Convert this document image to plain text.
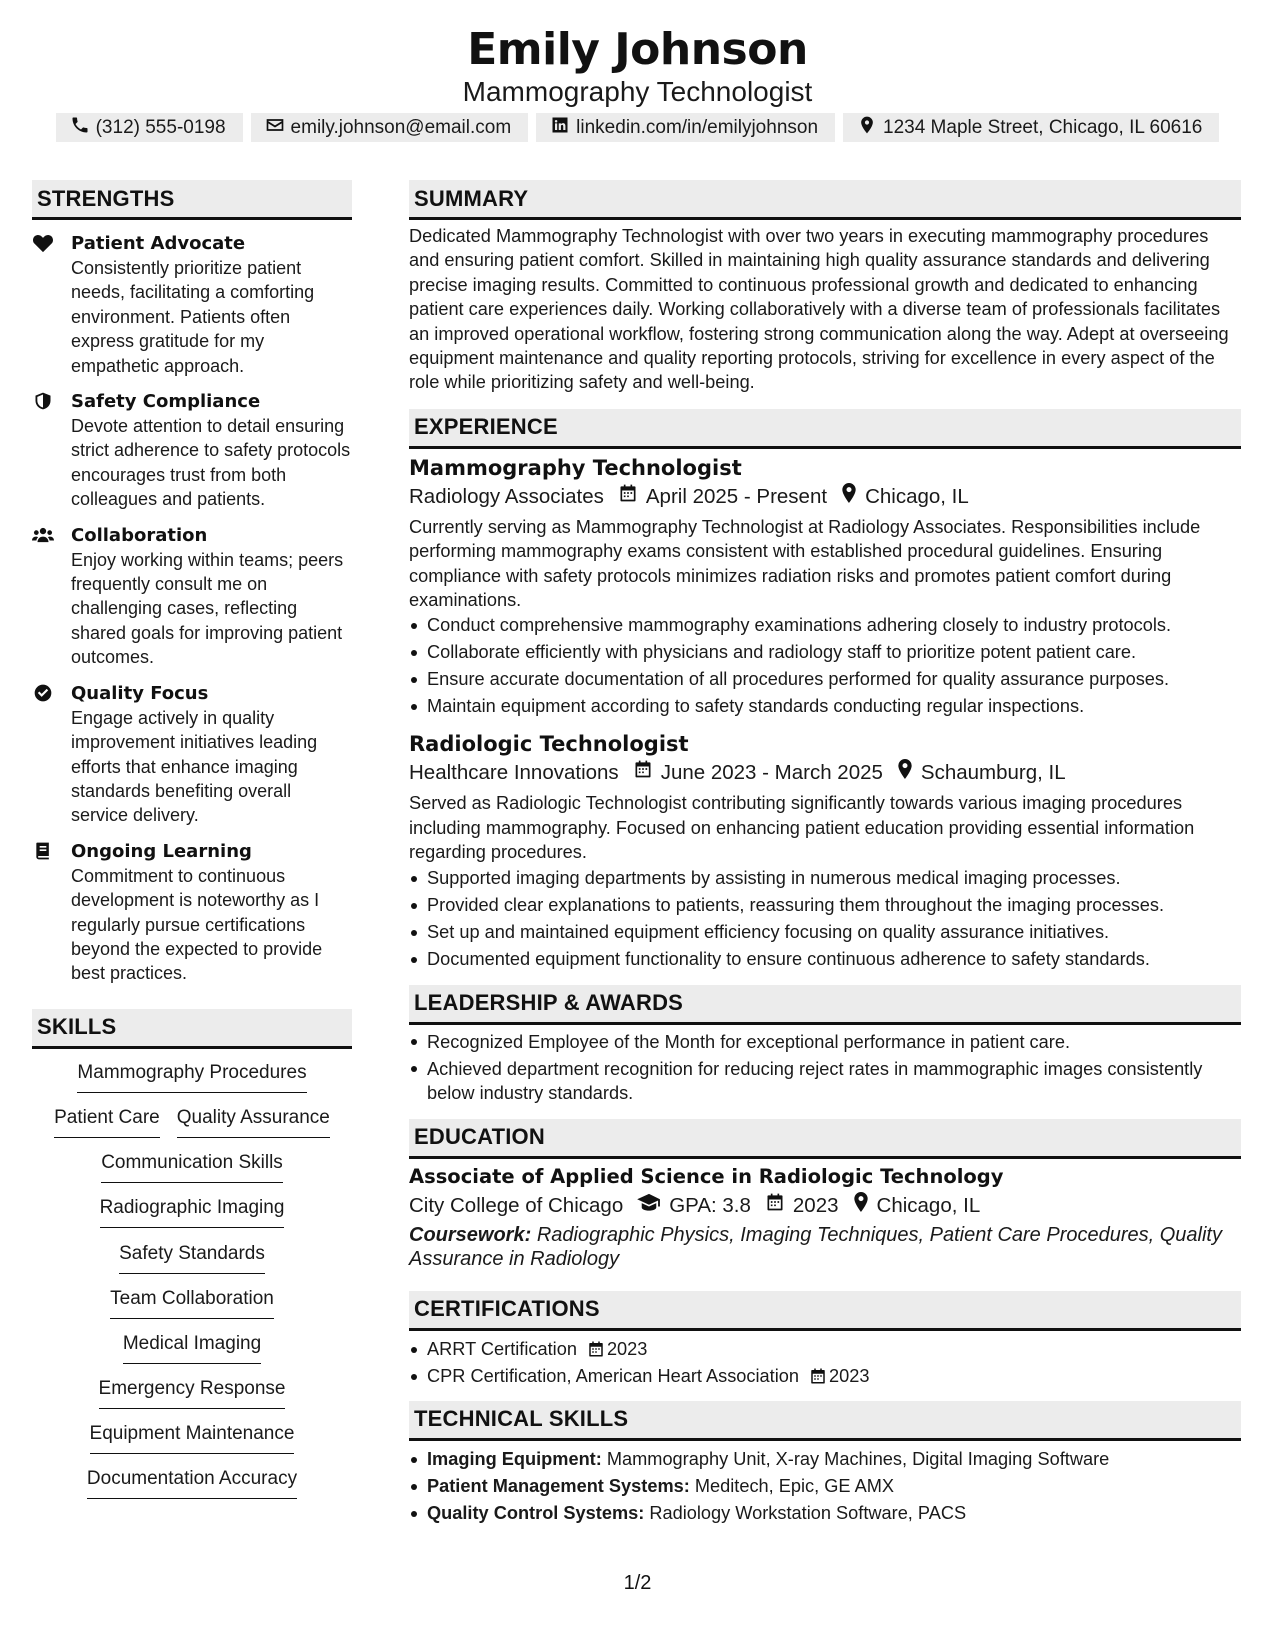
Emily Johnson
Mammography Technologist
(312) 555-0198	emily.johnson@email.com	linkedin.com/in/emilyjohnson	1234 Maple Street, Chicago, IL 60616
STRENGTHS
Patient Advocate
Consistently prioritize patient needs, facilitating a comforting environment. Patients often express gratitude for my empathetic approach.
Safety Compliance
Devote attention to detail ensuring strict adherence to safety protocols encourages trust from both colleagues and patients.
Collaboration
Enjoy working within teams; peers frequently consult me on challenging cases, reflecting shared goals for improving patient outcomes.
Quality Focus
Engage actively in quality improvement initiatives leading efforts that enhance imaging standards benefiting overall service delivery.
Ongoing Learning
Commitment to continuous development is noteworthy as I regularly pursue certifications beyond the expected to provide best practices.
SKILLS
Mammography Procedures
Patient Care Quality Assurance
Communication Skills
Radiographic Imaging
Safety Standards
Team Collaboration
Medical Imaging
Emergency Response
Equipment Maintenance
Documentation Accuracy
SUMMARY
Dedicated Mammography Technologist with over two years in executing mammography procedures and ensuring patient comfort. Skilled in maintaining high quality assurance standards and delivering precise imaging results. Committed to continuous professional growth and dedicated to enhancing patient care experiences daily. Working collaboratively with a diverse team of professionals facilitates an improved operational workflow, fostering strong communication along the way. Adept at overseeing equipment maintenance and quality reporting protocols, striving for excellence in every aspect of the role while prioritizing safety and well-being.
EXPERIENCE
Mammography Technologist
Radiology Associates April 2025 - Present Chicago, IL
Currently serving as Mammography Technologist at Radiology Associates. Responsibilities include performing mammography exams consistent with established procedural guidelines. Ensuring compliance with safety protocols minimizes radiation risks and promotes patient comfort during examinations.
Conduct comprehensive mammography examinations adhering closely to industry protocols.
Collaborate efficiently with physicians and radiology staff to prioritize potent patient care.
Ensure accurate documentation of all procedures performed for quality assurance purposes.
Maintain equipment according to safety standards conducting regular inspections.
Radiologic Technologist
Healthcare Innovations June 2023 - March 2025 Schaumburg, IL
Served as Radiologic Technologist contributing significantly towards various imaging procedures including mammography. Focused on enhancing patient education providing essential information regarding procedures.
Supported imaging departments by assisting in numerous medical imaging processes.
Provided clear explanations to patients, reassuring them throughout the imaging processes.
Set up and maintained equipment efficiency focusing on quality assurance initiatives.
Documented equipment functionality to ensure continuous adherence to safety standards.
LEADERSHIP & AWARDS
Recognized Employee of the Month for exceptional performance in patient care.
Achieved department recognition for reducing reject rates in mammographic images consistently below industry standards.
EDUCATION
Associate of Applied Science in Radiologic Technology
City College of Chicago GPA: 3.8 2023 Chicago, IL
Coursework: Radiographic Physics, Imaging Techniques, Patient Care Procedures, Quality Assurance in Radiology
CERTIFICATIONS
ARRT Certification 2023
CPR Certification, American Heart Association 2023
TECHNICAL SKILLS
Imaging Equipment: Mammography Unit, X-ray Machines, Digital Imaging Software
Patient Management Systems: Meditech, Epic, GE AMX
Quality Control Systems: Radiology Workstation Software, PACS
1/2
